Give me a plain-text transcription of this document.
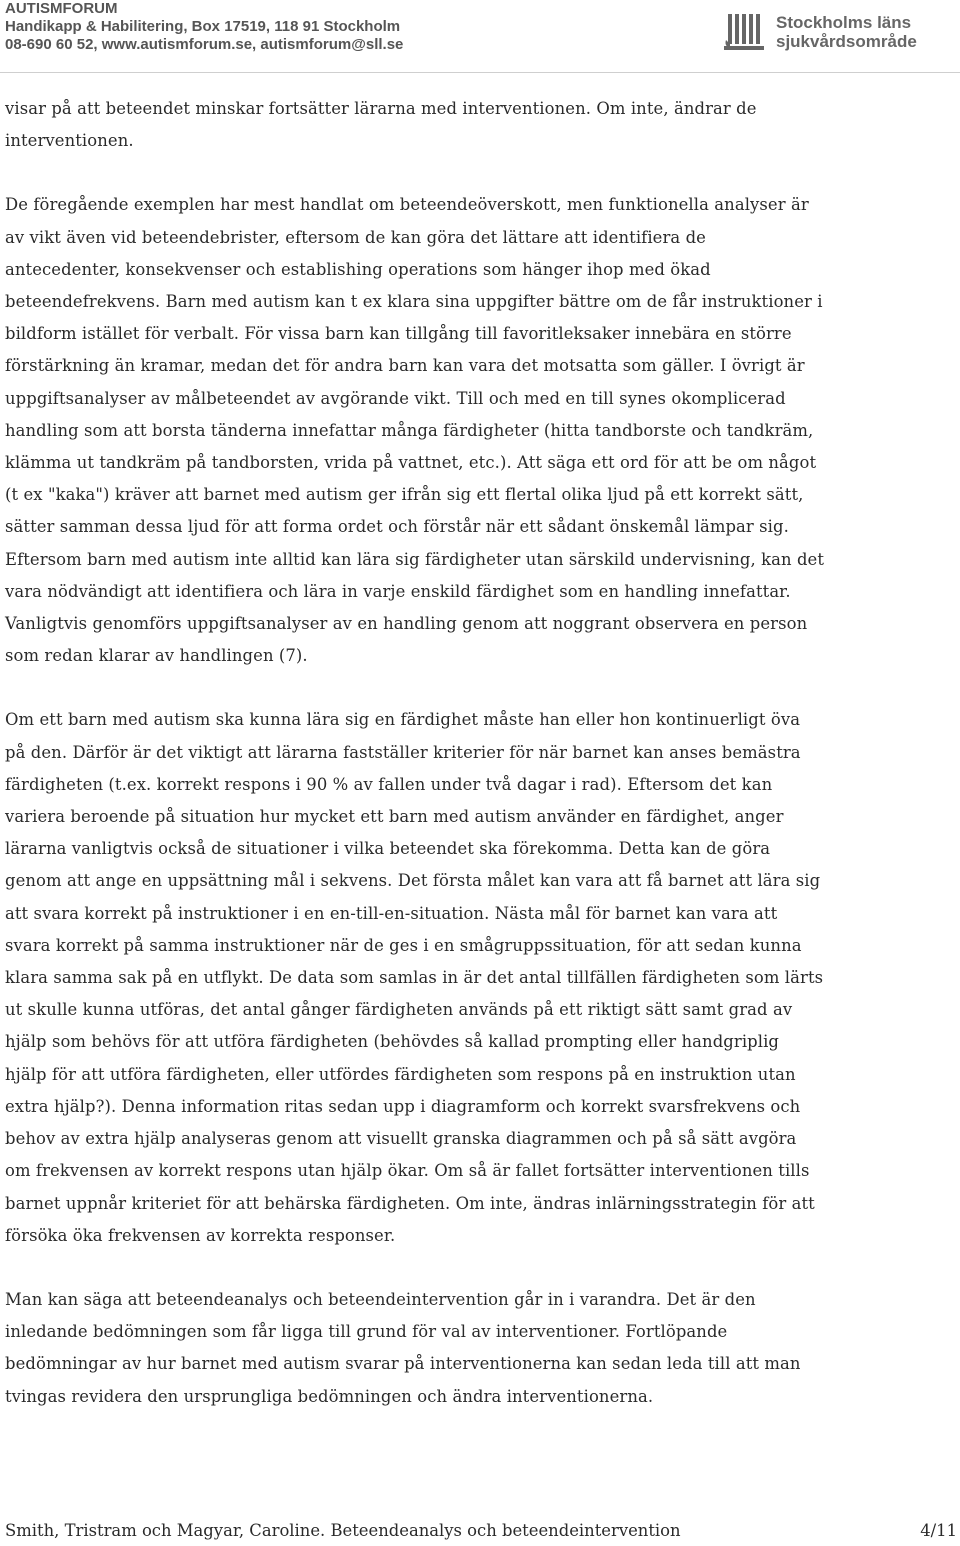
AUTISMFORUM
Handikapp & Habilitering, Box 17519, 118 91 Stockholm
08-690 60 52, www.autismforum.se, autismforum@sll.se
Stockholms läns
sjukvårdsområde

visar på att beteendet minskar fortsätter lärarna med interventionen. Om inte, ändrar de interventionen.

De föregående exemplen har mest handlat om beteendeöverskott, men funktionella analyser är av vikt även vid beteendebrister, eftersom de kan göra det lättare att identifiera de antecedenter, konsekvenser och establishing operations som hänger ihop med ökad beteendefrekvens. Barn med autism kan t ex klara sina uppgifter bättre om de får instruktioner i bildform istället för verbalt. För vissa barn kan tillgång till favoritleksaker innebära en större förstärkning än kramar, medan det för andra barn kan vara det motsatta som gäller. I övrigt är uppgiftsanalyser av målbeteendet av avgörande vikt. Till och med en till synes okomplicerad handling som att borsta tänderna innefattar många färdigheter (hitta tandborste och tandkräm, klämma ut tandkräm på tandborsten, vrida på vattnet, etc.). Att säga ett ord för att be om något (t ex "kaka") kräver att barnet med autism ger ifrån sig ett flertal olika ljud på ett korrekt sätt, sätter samman dessa ljud för att forma ordet och förstår när ett sådant önskemål lämpar sig. Eftersom barn med autism inte alltid kan lära sig färdigheter utan särskild undervisning, kan det vara nödvändigt att identifiera och lära in varje enskild färdighet som en handling innefattar. Vanligtvis genomförs uppgiftsanalyser av en handling genom att noggrant observera en person som redan klarar av handlingen (7).

Om ett barn med autism ska kunna lära sig en färdighet måste han eller hon kontinuerligt öva på den. Därför är det viktigt att lärarna fastställer kriterier för när barnet kan anses bemästra färdigheten (t.ex. korrekt respons i 90 % av fallen under två dagar i rad). Eftersom det kan variera beroende på situation hur mycket ett barn med autism använder en färdighet, anger lärarna vanligtvis också de situationer i vilka beteendet ska förekomma. Detta kan de göra genom att ange en uppsättning mål i sekvens. Det första målet kan vara att få barnet att lära sig att svara korrekt på instruktioner i en en-till-en-situation. Nästa mål för barnet kan vara att svara korrekt på samma instruktioner när de ges i en smågruppssituation, för att sedan kunna klara samma sak på en utflykt. De data som samlas in är det antal tillfällen färdigheten som lärts ut skulle kunna utföras, det antal gånger färdigheten används på ett riktigt sätt samt grad av hjälp som behövs för att utföra färdigheten (behövdes så kallad prompting eller handgriplig hjälp för att utföra färdigheten, eller utfördes färdigheten som respons på en instruktion utan extra hjälp?). Denna information ritas sedan upp i diagramform och korrekt svarsfrekvens och behov av extra hjälp analyseras genom att visuellt granska diagrammen och på så sätt avgöra om frekvensen av korrekt respons utan hjälp ökar. Om så är fallet fortsätter interventionen tills barnet uppnår kriteriet för att behärska färdigheten. Om inte, ändras inlärningsstrategin för att försöka öka frekvensen av korrekta responser.

Man kan säga att beteendeanalys och beteendeintervention går in i varandra. Det är den inledande bedömningen som får ligga till grund för val av interventioner. Fortlöpande bedömningar av hur barnet med autism svarar på interventionerna kan sedan leda till att man tvingas revidera den ursprungliga bedömningen och ändra interventionerna.

Smith, Tristram och Magyar, Caroline. Beteendeanalys och beteendeintervention	4/11
